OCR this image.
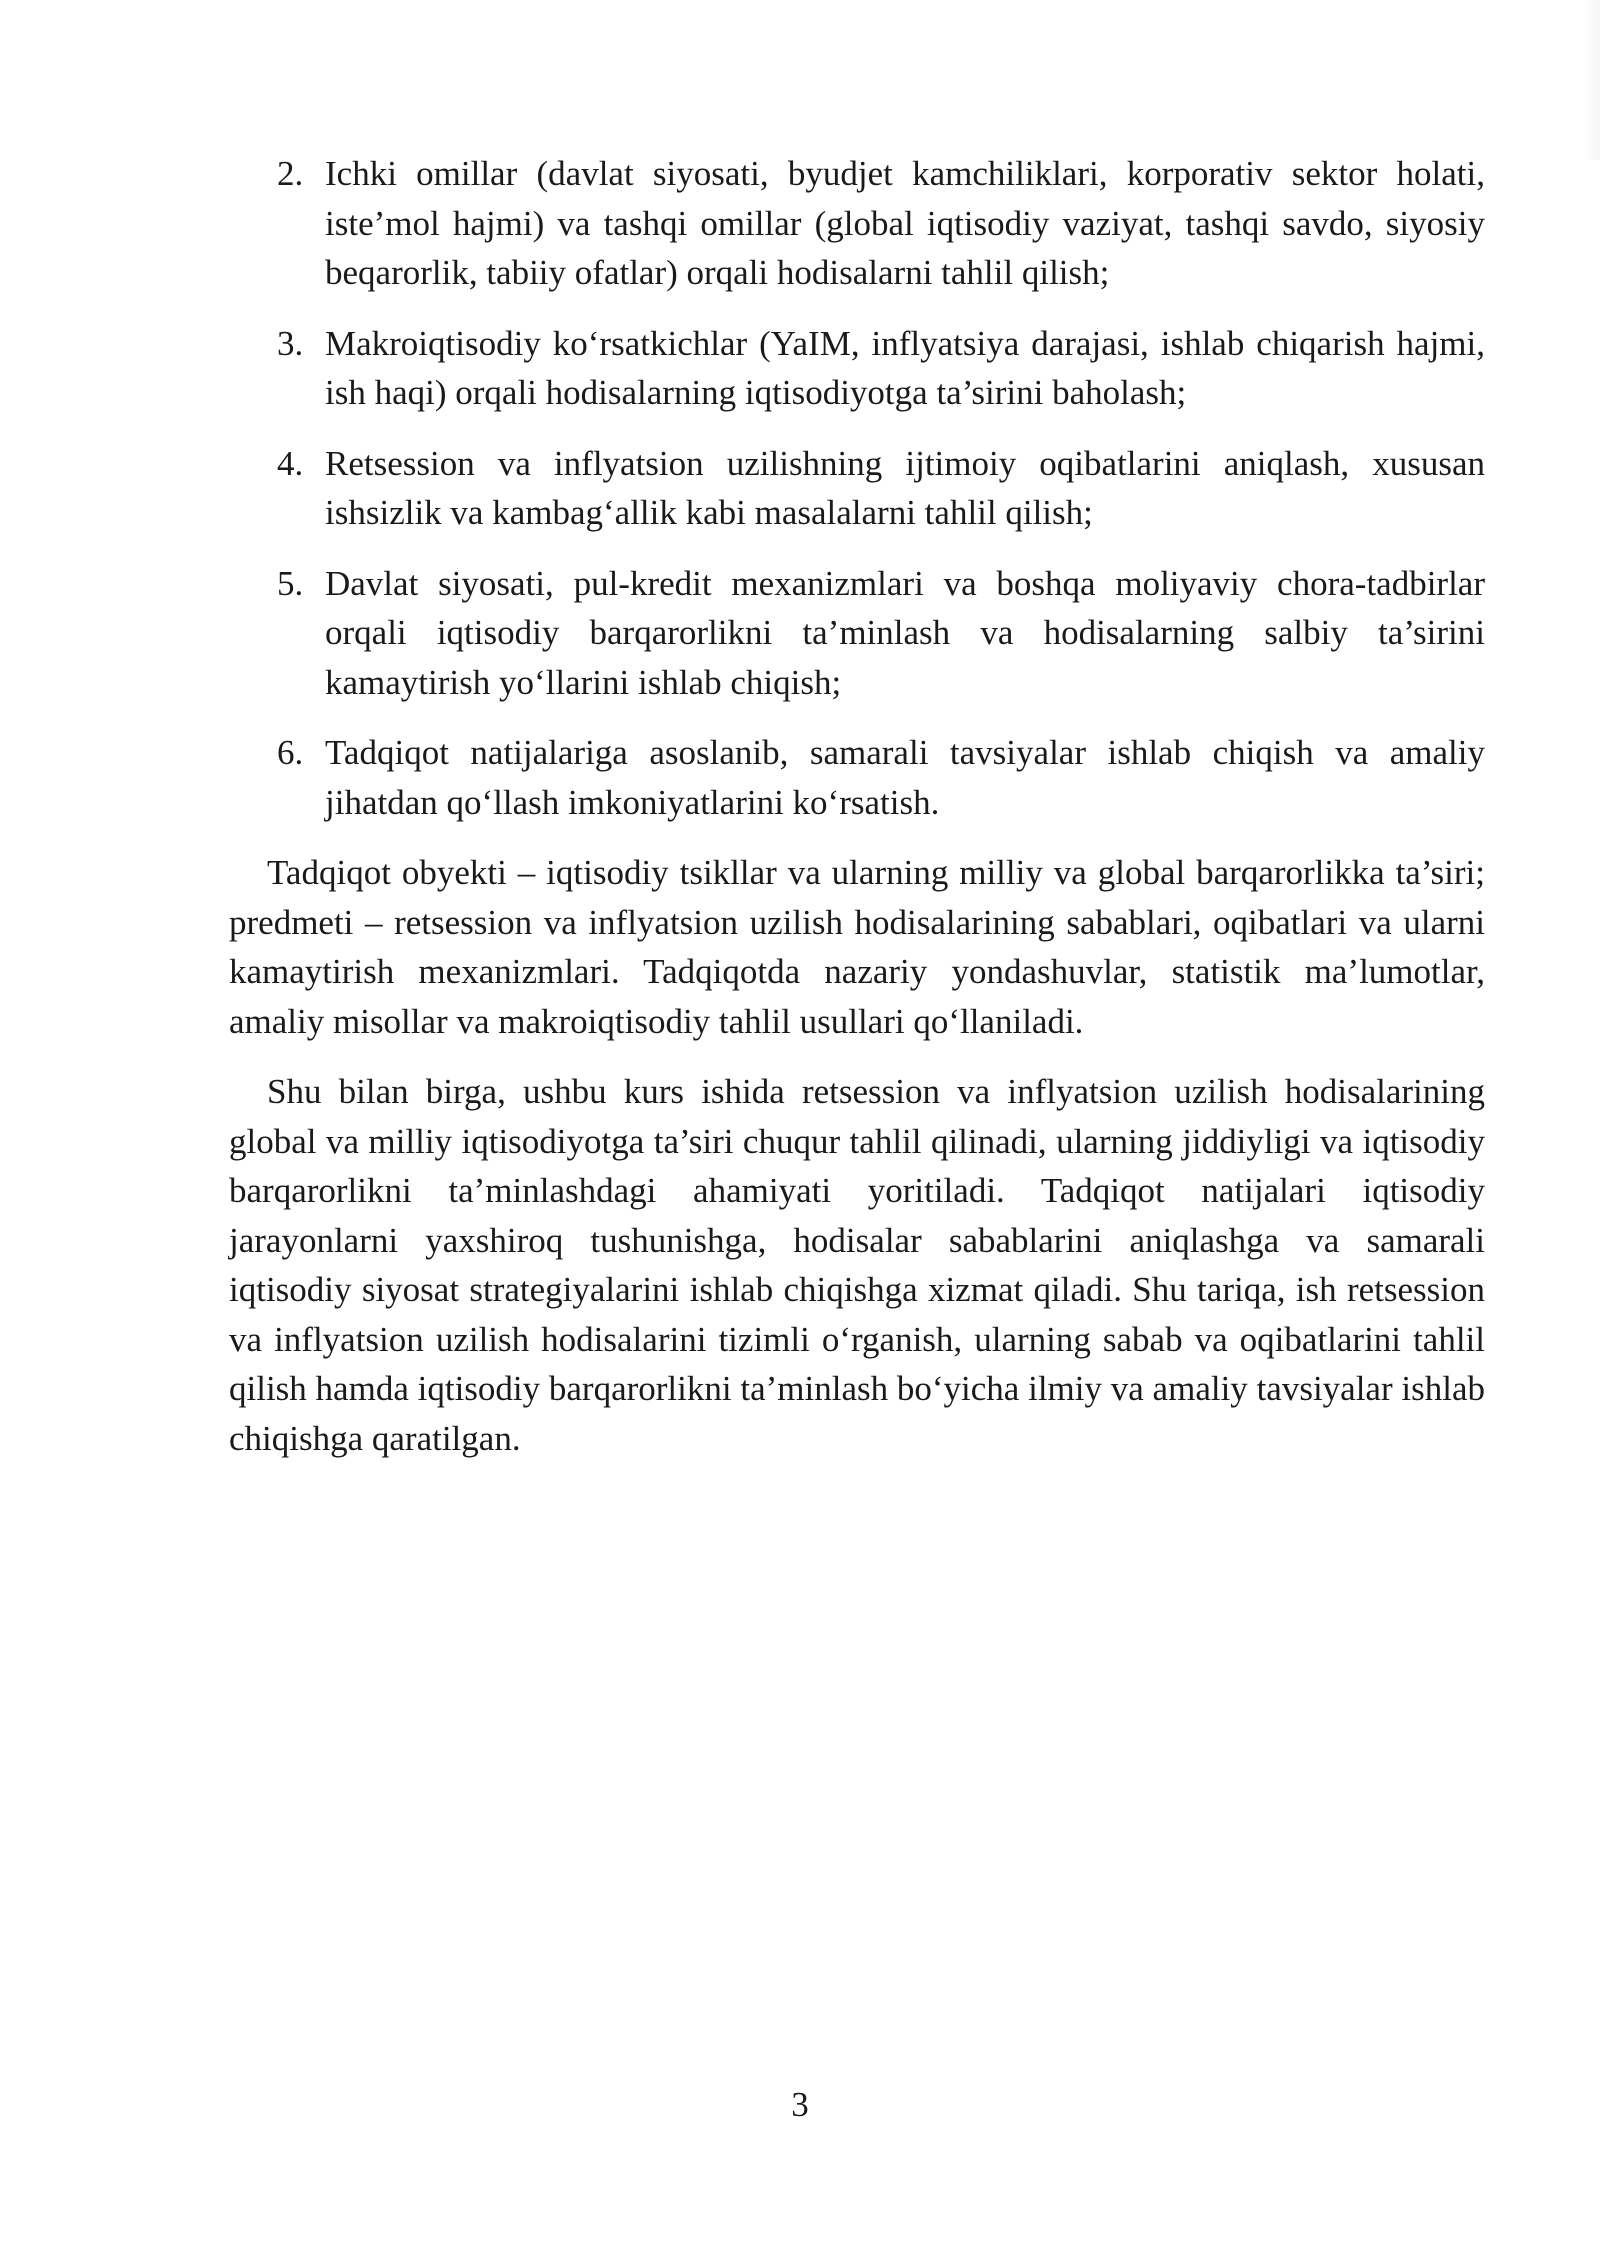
2. Ichki omillar (davlat siyosati, byudjet kamchiliklari, korporativ sektor holati, iste’mol hajmi) va tashqi omillar (global iqtisodiy vaziyat, tashqi savdo, siyosiy beqarorlik, tabiiy ofatlar) orqali hodisalarni tahlil qilish;
3. Makroiqtisodiy ko‘rsatkichlar (YaIM, inflyatsiya darajasi, ishlab chiqarish hajmi, ish haqi) orqali hodisalarning iqtisodiyotga ta’sirini baholash;
4. Retsession va inflyatsion uzilishning ijtimoiy oqibatlarini aniqlash, xususan ishsizlik va kambag‘allik kabi masalalarni tahlil qilish;
5. Davlat siyosati, pul-kredit mexanizmlari va boshqa moliyaviy chora-tadbirlar orqali iqtisodiy barqarorlikni ta’minlash va hodisalarning salbiy ta’sirini kamaytirish yo‘llarini ishlab chiqish;
6. Tadqiqot natijalariga asoslanib, samarali tavsiyalar ishlab chiqish va amaliy jihatdan qo‘llash imkoniyatlarini ko‘rsatish.

Tadqiqot obyekti – iqtisodiy tsikllar va ularning milliy va global barqarorlikka ta’siri; predmeti – retsession va inflyatsion uzilish hodisalarining sabablari, oqibatlari va ularni kamaytirish mexanizmlari. Tadqiqotda nazariy yondashuvlar, statistik ma’lumotlar, amaliy misollar va makroiqtisodiy tahlil usullari qo‘llaniladi.

Shu bilan birga, ushbu kurs ishida retsession va inflyatsion uzilish hodisalarining global va milliy iqtisodiyotga ta’siri chuqur tahlil qilinadi, ularning jiddiyligi va iqtisodiy barqarorlikni ta’minlashdagi ahamiyati yoritiladi. Tadqiqot natijalari iqtisodiy jarayonlarni yaxshiroq tushunishga, hodisalar sabablarini aniqlashga va samarali iqtisodiy siyosat strategiyalarini ishlab chiqishga xizmat qiladi. Shu tariqa, ish retsession va inflyatsion uzilish hodisalarini tizimli o‘rganish, ularning sabab va oqibatlarini tahlil qilish hamda iqtisodiy barqarorlikni ta’minlash bo‘yicha ilmiy va amaliy tavsiyalar ishlab chiqishga qaratilgan.

3
